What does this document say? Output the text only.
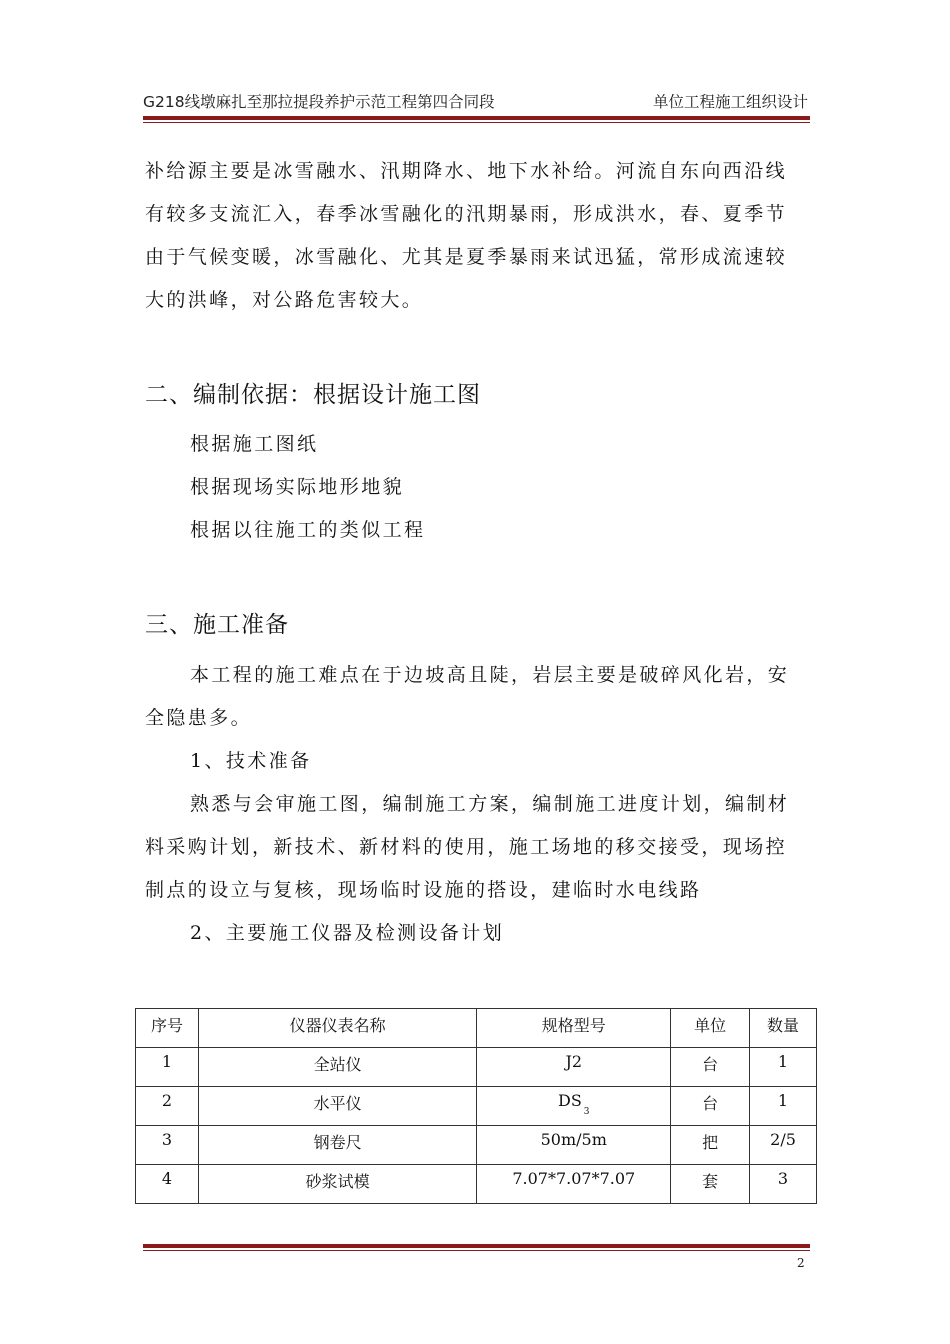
G218线墩麻扎至那拉提段养护示范工程第四合同段	单位工程施工组织设计
补给源主要是冰雪融水、汛期降水、地下水补给。河流自东向西沿线
有较多支流汇入，春季冰雪融化的汛期暴雨，形成洪水，春、夏季节
由于气候变暖，冰雪融化、尤其是夏季暴雨来试迅猛，常形成流速较
大的洪峰，对公路危害较大。
二、编制依据：根据设计施工图
根据施工图纸
根据现场实际地形地貌
根据以往施工的类似工程
三、施工准备
本工程的施工难点在于边坡高且陡，岩层主要是破碎风化岩，安
全隐患多。
1、技术准备
熟悉与会审施工图，编制施工方案，编制施工进度计划，编制材
料采购计划，新技术、新材料的使用，施工场地的移交接受，现场控
制点的设立与复核，现场临时设施的搭设，建临时水电线路
2、主要施工仪器及检测设备计划
序号	仪器仪表名称	规格型号	单位	数量
1	全站仪	J2	台	1
2	水平仪	$DS_3$	台	1
3	钢卷尺	50m/5m	把	2/5
4	砂浆试模	7.07*7.07*7.07	套	3
2
